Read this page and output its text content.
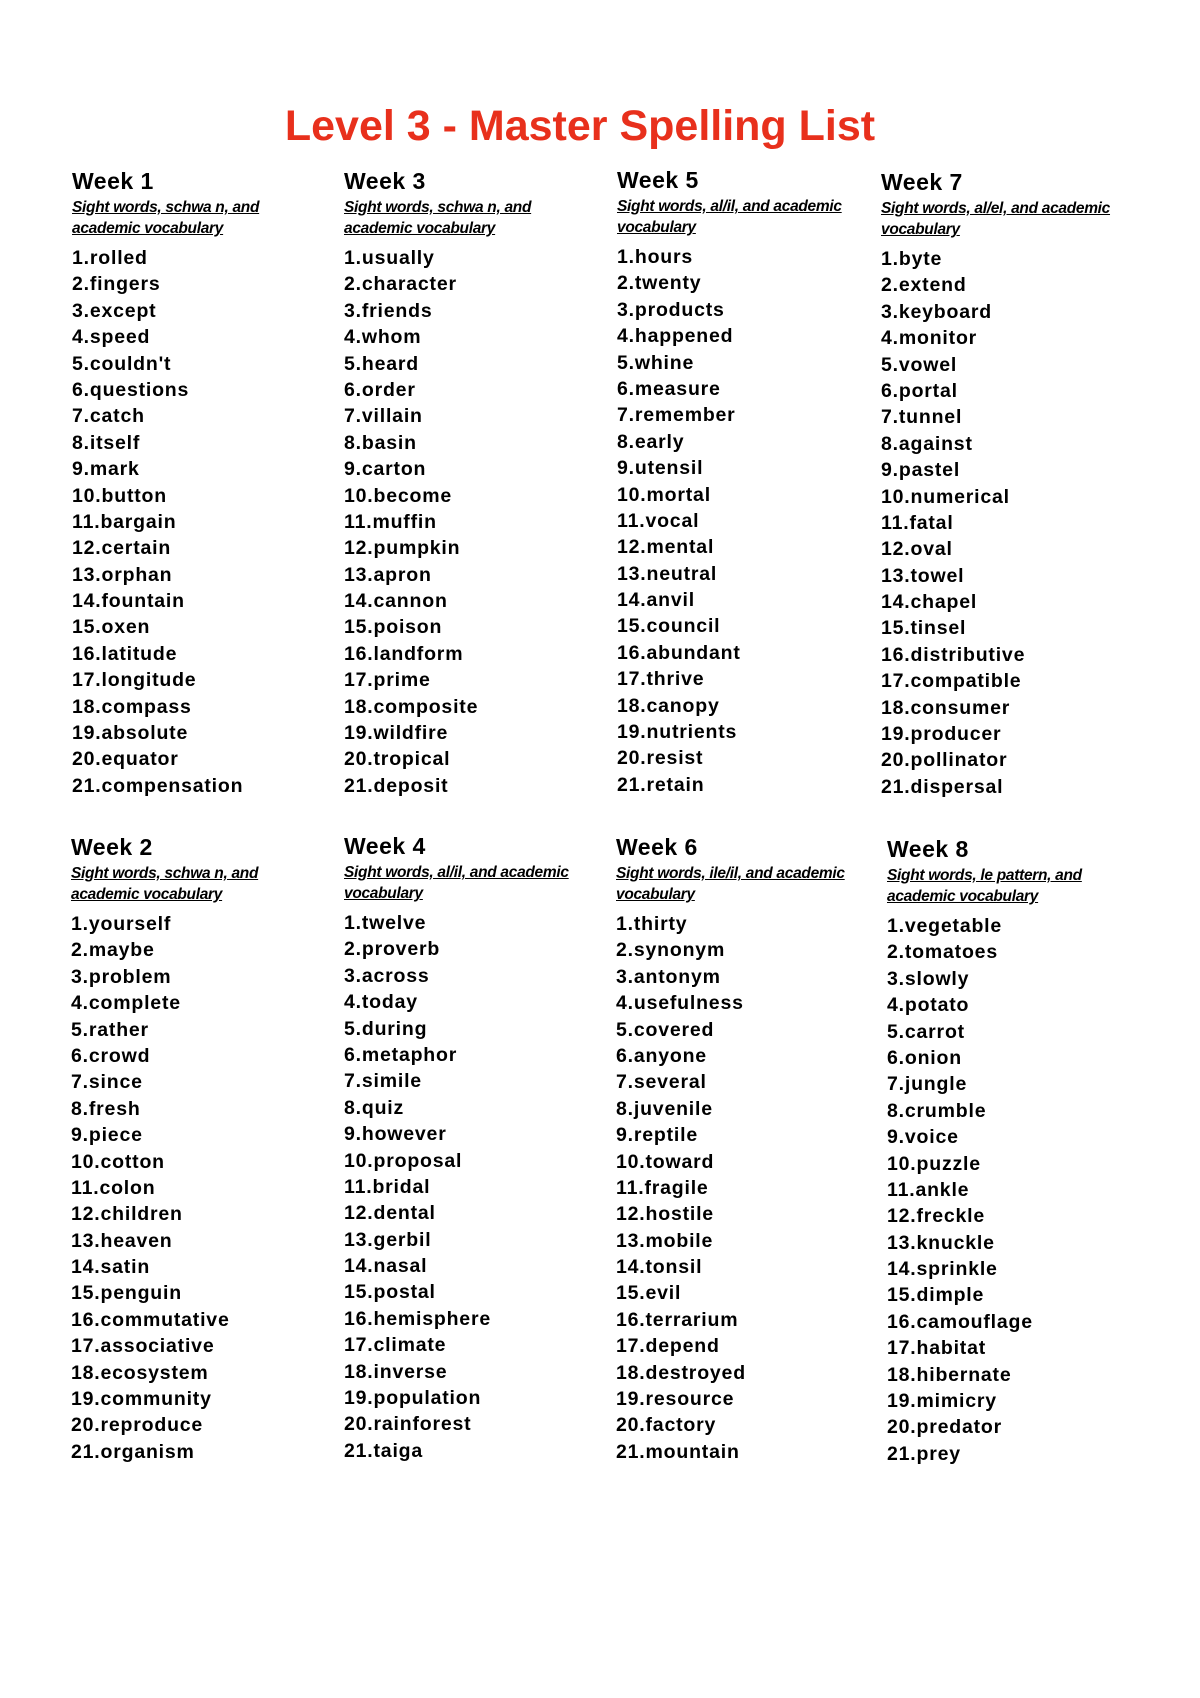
Level 3 - Master Spelling List
Week 1
Sight words, schwa n, and academic vocabulary
1.rolled
2.fingers
3.except
4.speed
5.couldn't
6.questions
7.catch
8.itself
9.mark
10.button
11.bargain
12.certain
13.orphan
14.fountain
15.oxen
16.latitude
17.longitude
18.compass
19.absolute
20.equator
21.compensation
Week 3
Sight words, schwa n, and academic vocabulary
1.usually
2.character
3.friends
4.whom
5.heard
6.order
7.villain
8.basin
9.carton
10.become
11.muffin
12.pumpkin
13.apron
14.cannon
15.poison
16.landform
17.prime
18.composite
19.wildfire
20.tropical
21.deposit
Week 5
Sight words, al/il, and academic vocabulary
1.hours
2.twenty
3.products
4.happened
5.whine
6.measure
7.remember
8.early
9.utensil
10.mortal
11.vocal
12.mental
13.neutral
14.anvil
15.council
16.abundant
17.thrive
18.canopy
19.nutrients
20.resist
21.retain
Week 7
Sight words, al/el, and academic vocabulary
1.byte
2.extend
3.keyboard
4.monitor
5.vowel
6.portal
7.tunnel
8.against
9.pastel
10.numerical
11.fatal
12.oval
13.towel
14.chapel
15.tinsel
16.distributive
17.compatible
18.consumer
19.producer
20.pollinator
21.dispersal
Week 2
Sight words, schwa n, and academic vocabulary
1.yourself
2.maybe
3.problem
4.complete
5.rather
6.crowd
7.since
8.fresh
9.piece
10.cotton
11.colon
12.children
13.heaven
14.satin
15.penguin
16.commutative
17.associative
18.ecosystem
19.community
20.reproduce
21.organism
Week 4
Sight words, al/il, and academic vocabulary
1.twelve
2.proverb
3.across
4.today
5.during
6.metaphor
7.simile
8.quiz
9.however
10.proposal
11.bridal
12.dental
13.gerbil
14.nasal
15.postal
16.hemisphere
17.climate
18.inverse
19.population
20.rainforest
21.taiga
Week 6
Sight words, ile/il, and academic vocabulary
1.thirty
2.synonym
3.antonym
4.usefulness
5.covered
6.anyone
7.several
8.juvenile
9.reptile
10.toward
11.fragile
12.hostile
13.mobile
14.tonsil
15.evil
16.terrarium
17.depend
18.destroyed
19.resource
20.factory
21.mountain
Week 8
Sight words, le pattern, and academic vocabulary
1.vegetable
2.tomatoes
3.slowly
4.potato
5.carrot
6.onion
7.jungle
8.crumble
9.voice
10.puzzle
11.ankle
12.freckle
13.knuckle
14.sprinkle
15.dimple
16.camouflage
17.habitat
18.hibernate
19.mimicry
20.predator
21.prey
